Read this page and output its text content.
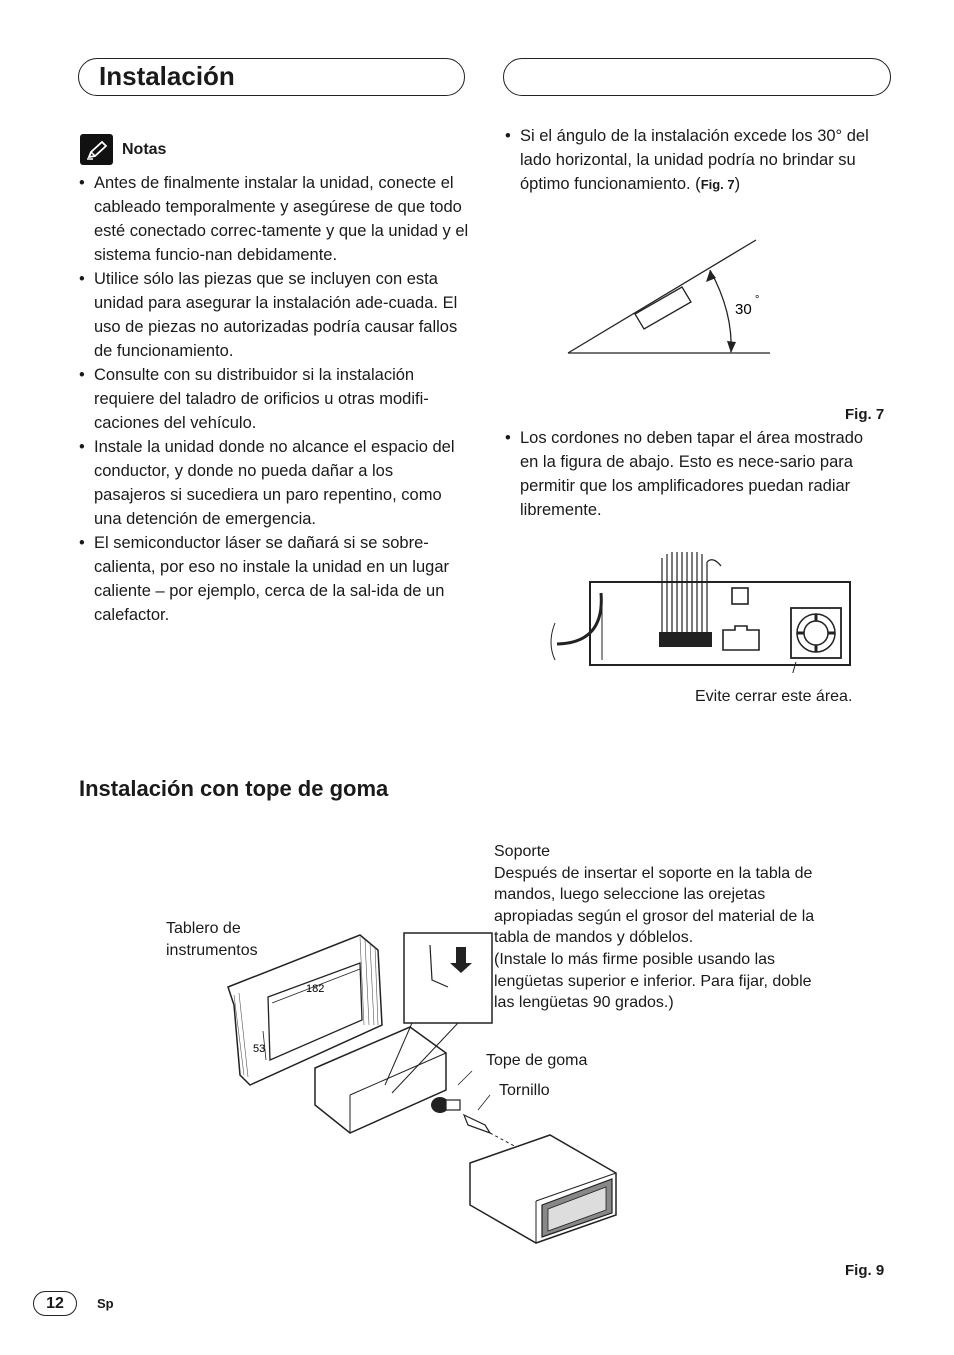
Instalación
Notas
• Antes de finalmente instalar la unidad, conecte el cableado temporalmente y asegúrese de que todo esté conectado correc-tamente y que la unidad y el sistema funcio-nan debidamente.
• Utilice sólo las piezas que se incluyen con esta unidad para asegurar la instalación ade-cuada. El uso de piezas no autorizadas podría causar fallos de funcionamiento.
• Consulte con su distribuidor si la instalación requiere del taladro de orificios u otras modifi-caciones del vehículo.
• Instale la unidad donde no alcance el espacio del conductor, y donde no pueda dañar a los pasajeros si sucediera un paro repentino, como una detención de emergencia.
• El semiconductor láser se dañará si se sobre-calienta, por eso no instale la unidad en un lugar caliente – por ejemplo, cerca de la sal-ida de un calefactor.
• Si el ángulo de la instalación excede los 30° del lado horizontal, la unidad podría no brindar su óptimo funcionamiento. (Fig. 7)
30
°
Fig. 7
• Los cordones no deben tapar el área mostrado en la figura de abajo. Esto es nece-sario para permitir que los amplificadores puedan radiar libremente.
Evite cerrar este área.
Instalación con tope de goma
Soporte
Después de insertar el soporte en la tabla de mandos, luego seleccione las orejetas apropiadas según el grosor del material de la tabla de mandos y dóblelos.
(Instale lo más firme posible usando las lengüetas superior e inferior. Para fijar, doble las lengüetas 90 grados.)
Tablero de instrumentos
Tope de goma
Tornillo
182
53
Fig. 9
12	Sp
